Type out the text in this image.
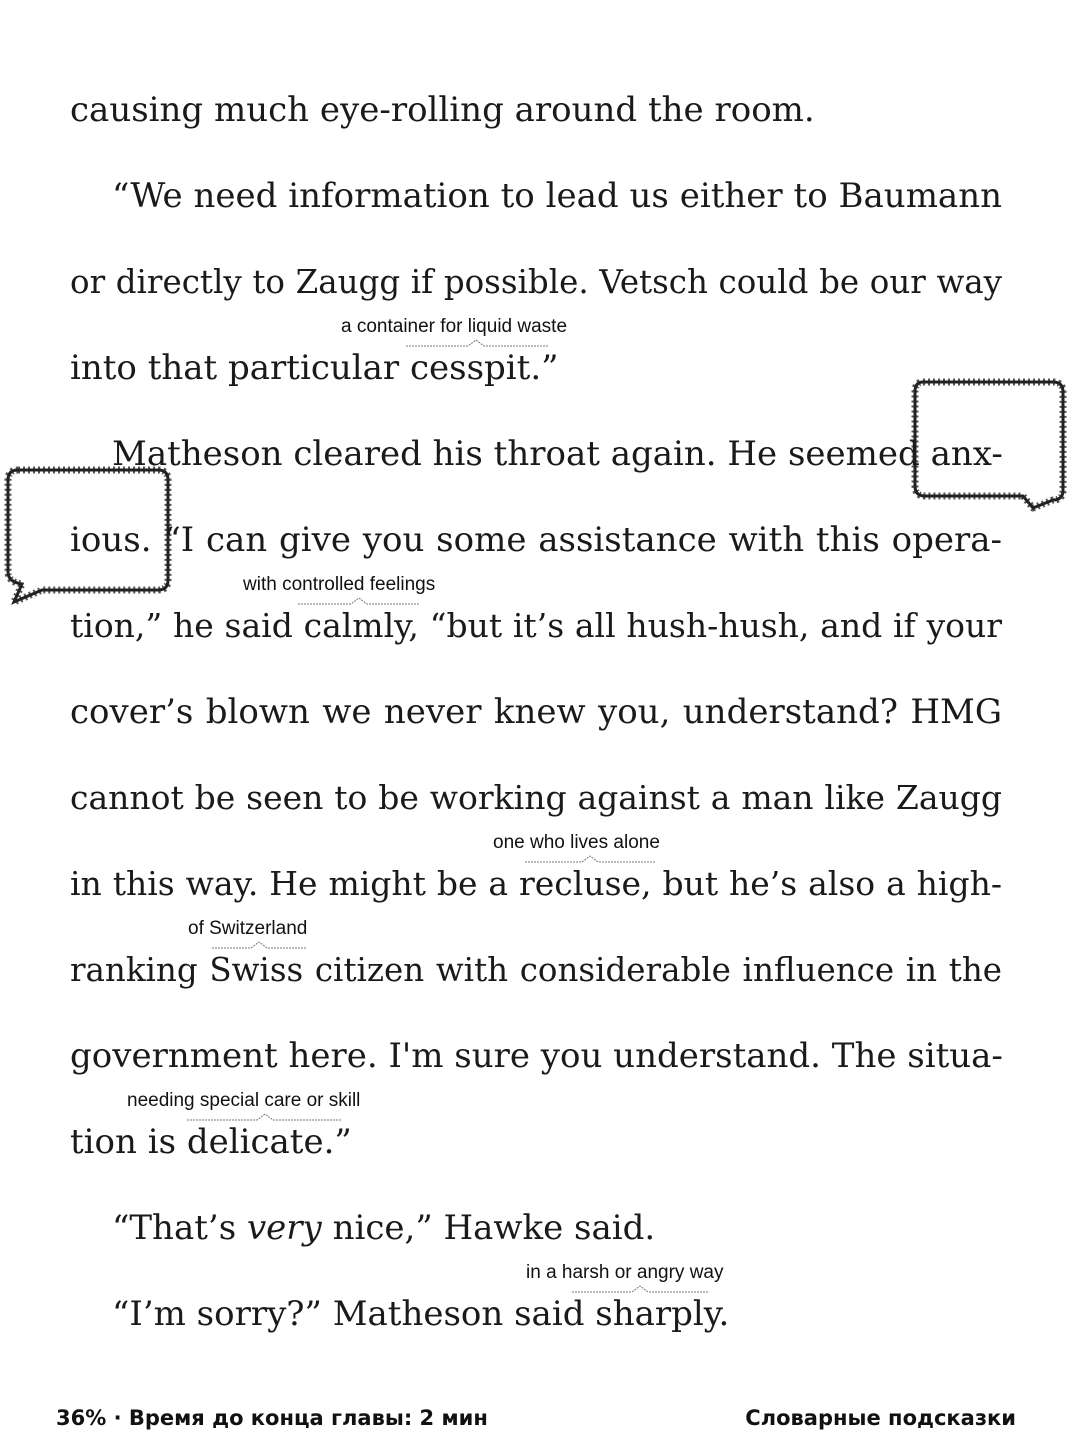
causing much eye-rolling around the room.
“We need information to lead us either to Baumann
or directly to Zaugg if possible. Vetsch could be our way
into that particular cesspit.”
Matheson cleared his throat again. He seemed anx-
ious. “I can give you some assistance with this opera-
tion,” he said calmly, “but it’s all hush-hush, and if your
cover’s blown we never knew you, understand? HMG
cannot be seen to be working against a man like Zaugg
in this way. He might be a recluse, but he’s also a high-
ranking Swiss citizen with considerable influence in the
government here. I'm sure you understand. The situa-
tion is delicate.”
“That’s very nice,” Hawke said.
“I’m sorry?” Matheson said sharply.
a container for liquid waste
with controlled feelings
one who lives alone
of Switzerland
needing special care or skill
in a harsh or angry way
36% · Время до конца главы: 2 мин	Словарные подсказки
